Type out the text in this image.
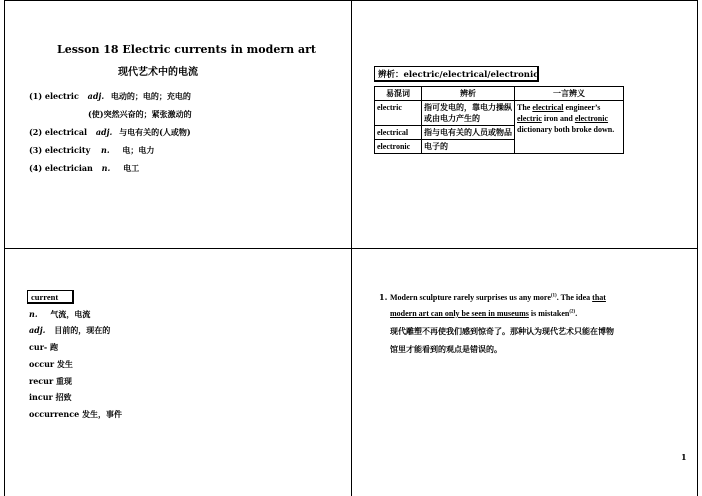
Lesson 18 Electric currents in modern art
现代艺术中的电流
(1) electric adj. 电动的；电的；充电的
(使)突然兴奋的；紧张激动的
(2) electrical adj. 与电有关的(人或物)
(3) electricity n. 电；电力
(4) electrician n. 电工
辨析：electric/electrical/electronic
易混词	辨析	一言辨义
electric	指可发电的，靠电力操纵或由电力产生的	The electrical engineer’s electric iron and electronic dictionary both broke down.
electrical	指与电有关的人员或物品	
electronic	电子的	
current
n. 气流，电流
adj. 目前的，现在的
cur- 跑
occur 发生
recur 重现
incur 招致
occurrence 发生，事件
1. Modern sculpture rarely surprises us any more$^{(1)}$. The idea that
modern art can only be seen in museums is mistaken$^{(2)}$.
现代雕塑不再使我们感到惊奇了。那种认为现代艺术只能在博物
馆里才能看到的观点是错误的。
1
